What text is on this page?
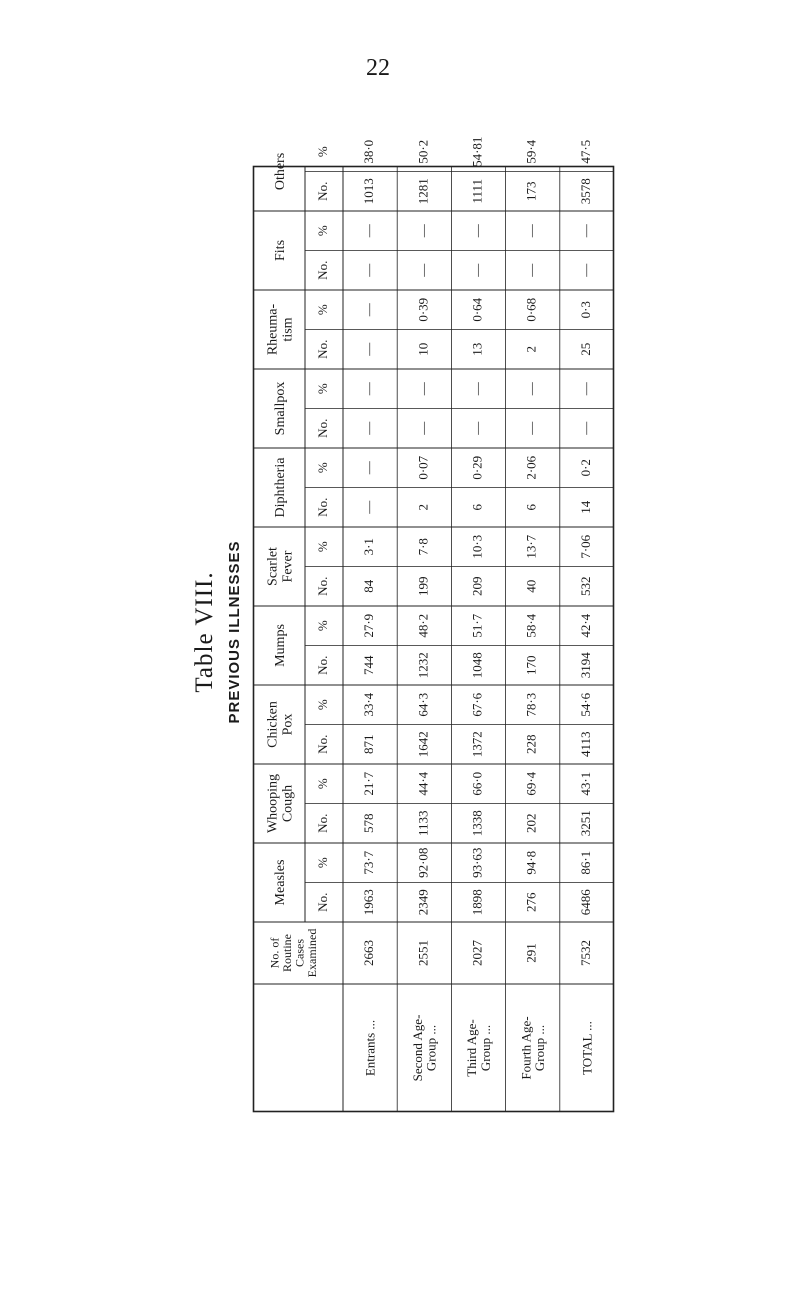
22
Table VIII. PREVIOUS ILLNESSES
No. ofRoutineCasesExamined
Measles No.
%
WhoopingCough
No.
%
ChickenPox
No.
%
Mumps No.
%
ScarletFever
No.
%
Diphtheria No.
%
Smallpox No.
%
Rheuma-tism
No.
%
Fits
No.
%
Others
No.
%
Entrants ...
2663
1963
73·7
578
21·7
871
33·4
744
27·9
84
3·1
—
—
—
—
—
—
—
—
1013
38·0
Second Age-Group ...
2551
2349
92·08
1133
44·4
1642
64·3
1232
48·2
199
7·8
2
0·07
—
—
10
0·39
—
—
1281
50·2
Third Age-Group ...
2027
1898
93·63
1338
66·0
1372
67·6
1048
51·7
209
10·3
6
0·29
—
—
13
0·64
—
—
1111
54·81
Fourth Age-Group ...
291
276
94·8
202
69·4
228
78·3
170
58·4
40
13·7
6
2·06
—
—
2
0·68
—
—
173
59·4
TOTAL ...
7532
6486
86·1
3251
43·1
4113
54·6
3194
42·4
532
7·06
14
0·2
—
—
25
0·3
—
—
3578
47·5
